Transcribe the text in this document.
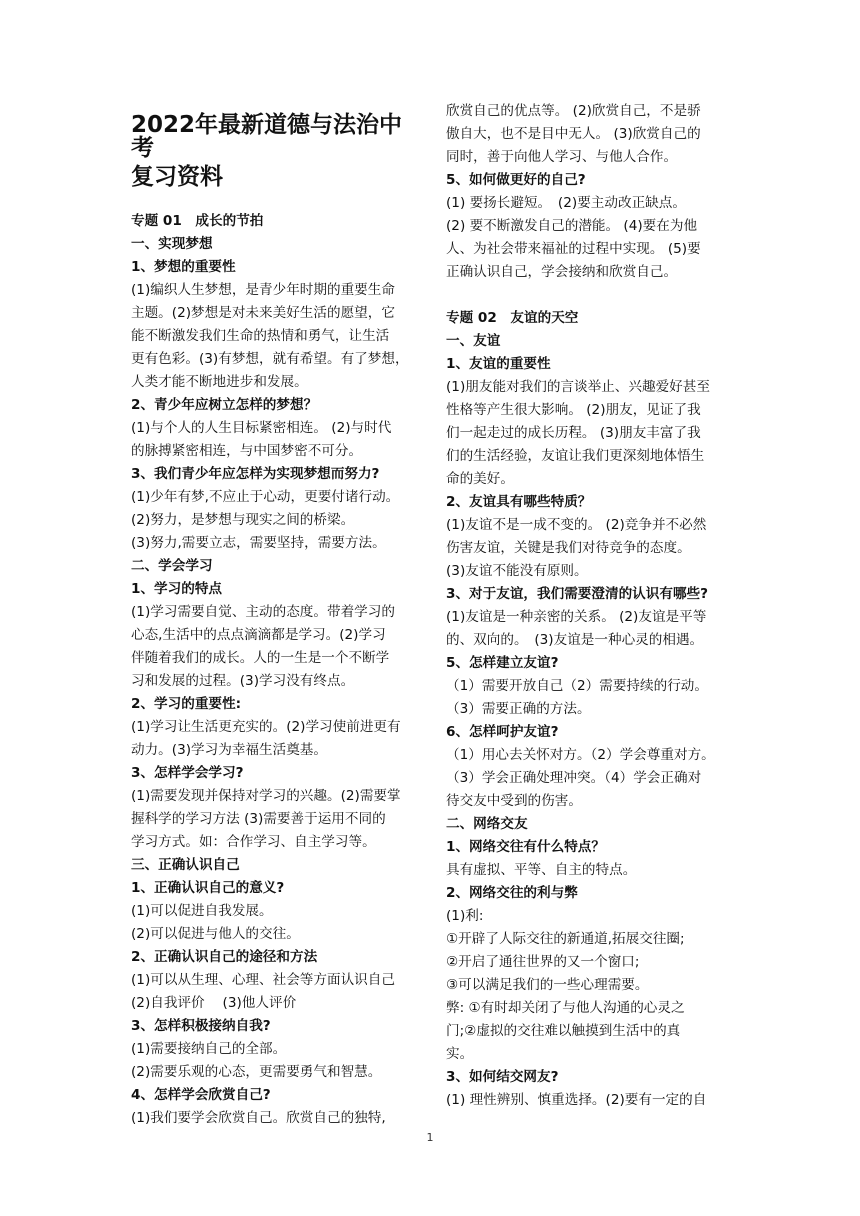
2022年最新道德与法治中考
复习资料
专题 01　成长的节拍
一、实现梦想
1、梦想的重要性
(1)编织人生梦想，是青少年时期的重要生命
主题。(2)梦想是对未来美好生活的愿望，它
能不断激发我们生命的热情和勇气，让生活
更有色彩。(3)有梦想，就有希望。有了梦想，
人类才能不断地进步和发展。
2、青少年应树立怎样的梦想？
(1)与个人的人生目标紧密相连。 (2)与时代
的脉搏紧密相连，与中国梦密不可分。
3、我们青少年应怎样为实现梦想而努力?
(1)少年有梦,不应止于心动，更要付诸行动。
(2)努力，是梦想与现实之间的桥梁。
(3)努力,需要立志，需要坚持，需要方法。
二、学会学习
1、学习的特点
(1)学习需要自觉、主动的态度。带着学习的
心态,生活中的点点滴滴都是学习。(2)学习
伴随着我们的成长。人的一生是一个不断学
习和发展的过程。(3)学习没有终点。
2、学习的重要性:
(1)学习让生活更充实的。(2)学习使前进更有
动力。(3)学习为幸福生活奠基。
3、怎样学会学习?
(1)需要发现并保持对学习的兴趣。(2)需要掌
握科学的学习方法 (3)需要善于运用不同的
学习方式。如：合作学习、自主学习等。
三、正确认识自己
1、正确认识自己的意义?
(1)可以促进自我发展。
(2)可以促进与他人的交往。
2、正确认识自己的途径和方法
(1)可以从生理、心理、社会等方面认识自己
(2)自我评价　 (3)他人评价
3、怎样积极接纳自我?
(1)需要接纳自己的全部。
(2)需要乐观的心态，更需要勇气和智慧。
4、怎样学会欣赏自己?
(1)我们要学会欣赏自己。欣赏自己的独特,
欣赏自己的优点等。 (2)欣赏自己，不是骄
傲自大，也不是目中无人。 (3)欣赏自己的
同时，善于向他人学习、与他人合作。
5、如何做更好的自己?
(1) 要扬长避短。　(2)要主动改正缺点。
(2) 要不断激发自己的潜能。 (4)要在为他
人、为社会带来福祉的过程中实现。 (5)要
正确认识自己，学会接纳和欣赏自己。
专题 02　友谊的天空
一、友谊
1、友谊的重要性
(1)朋友能对我们的言谈举止、兴趣爱好甚至
性格等产生很大影响。 (2)朋友，见证了我
们一起走过的成长历程。 (3)朋友丰富了我
们的生活经验，友谊让我们更深刻地体悟生
命的美好。
2、友谊具有哪些特质？
(1)友谊不是一成不变的。 (2)竞争并不必然
伤害友谊，关键是我们对待竞争的态度。
(3)友谊不能没有原则。
3、对于友谊，我们需要澄清的认识有哪些?
(1)友谊是一种亲密的关系。 (2)友谊是平等
的、双向的。　(3)友谊是一种心灵的相遇。
5、怎样建立友谊?
（1）需要开放自己（2）需要持续的行动。
（3）需要正确的方法。
6、怎样呵护友谊?
（1）用心去关怀对方。（2）学会尊重对方。
（3）学会正确处理冲突。（4）学会正确对
待交友中受到的伤害。
二、网络交友
1、网络交往有什么特点？
具有虚拟、平等、自主的特点。
2、网络交往的利与弊
(1)利:
①开辟了人际交往的新通道,拓展交往圈;
②开启了通往世界的又一个窗口;
③可以满足我们的一些心理需要。
弊: ①有时却关闭了与他人沟通的心灵之
门;②虚拟的交往难以触摸到生活中的真
实。
3、如何结交网友?
(1) 理性辨别、慎重选择。(2)要有一定的自
1
